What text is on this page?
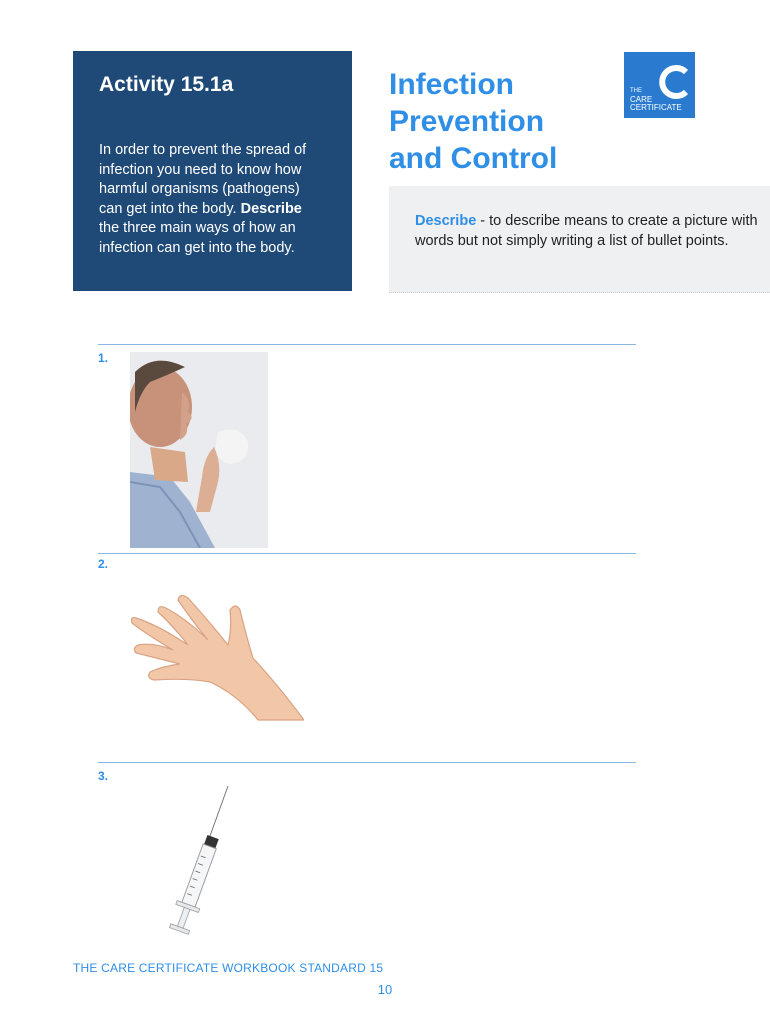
Activity 15.1a
In order to prevent the spread of infection you need to know how harmful organisms (pathogens) can get into the body. Describe the three main ways of how an infection can get into the body.
Infection
Prevention
and Control
THE
CARE
CERTIFICATE
Describe - to describe means to create a picture with words but not simply writing a list of bullet points.
1.
2.
3.
THE CARE CERTIFICATE WORKBOOK STANDARD 15
10
